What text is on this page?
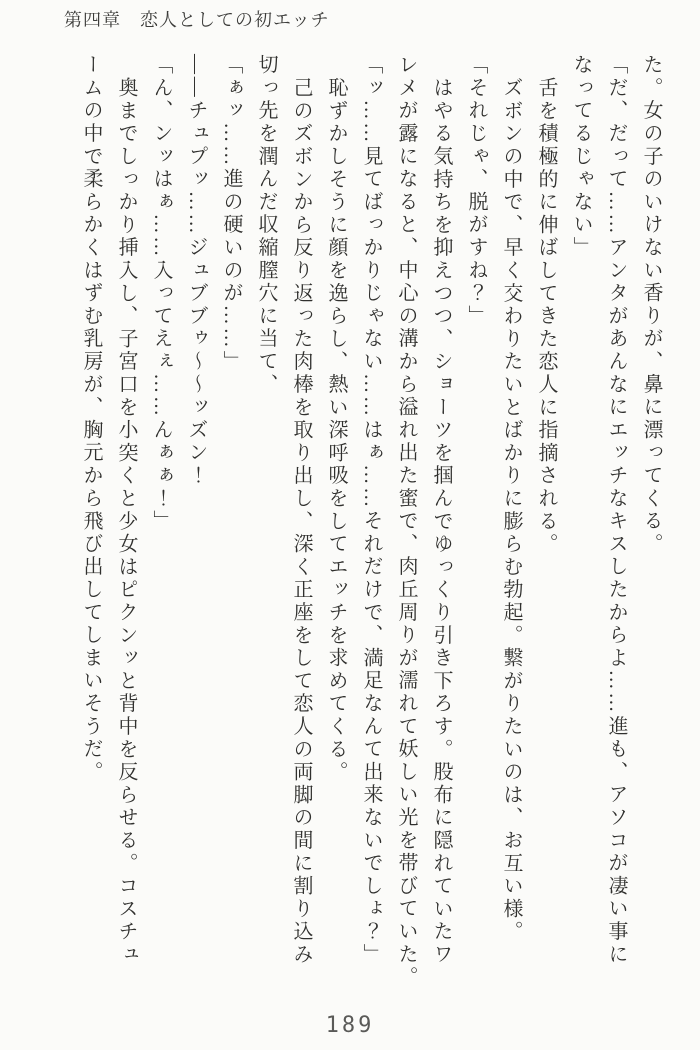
第四章　恋人としての初エッチ
た。女の子のいけない香りが、鼻に漂ってくる。
「だ、だって……アンタがあんなにエッチなキスしたからよ……進も、アソコが凄い事に
なってるじゃない」
舌を積極的に伸ばしてきた恋人に指摘される。
ズボンの中で、早く交わりたいとばかりに膨らむ勃起。繋がりたいのは、お互い様。
「それじゃ、脱がすね？」
はやる気持ちを抑えつつ、ショーツを掴んでゆっくり引き下ろす。股布に隠れていたワ
レメが露になると、中心の溝から溢れ出た蜜で、肉丘周りが濡れて妖しい光を帯びていた。
「ッ……見てばっかりじゃない……はぁ……それだけで、満足なんて出来ないでしょ？」
恥ずかしそうに顔を逸らし、熱い深呼吸をしてエッチを求めてくる。
己のズボンから反り返った肉棒を取り出し、深く正座をして恋人の両脚の間に割り込み
切っ先を潤んだ収縮膣穴に当て、
「ぁッ……進の硬いのが……」
――チュプッ……ジュブブゥ〜〜ッズン！
「ん、ンッはぁ……入ってえぇ……んぁぁ！」
奥までしっかり挿入し、子宮口を小突くと少女はピクンッと背中を反らせる。コスチュ
ームの中で柔らかくはずむ乳房が、胸元から飛び出してしまいそうだ。
189
